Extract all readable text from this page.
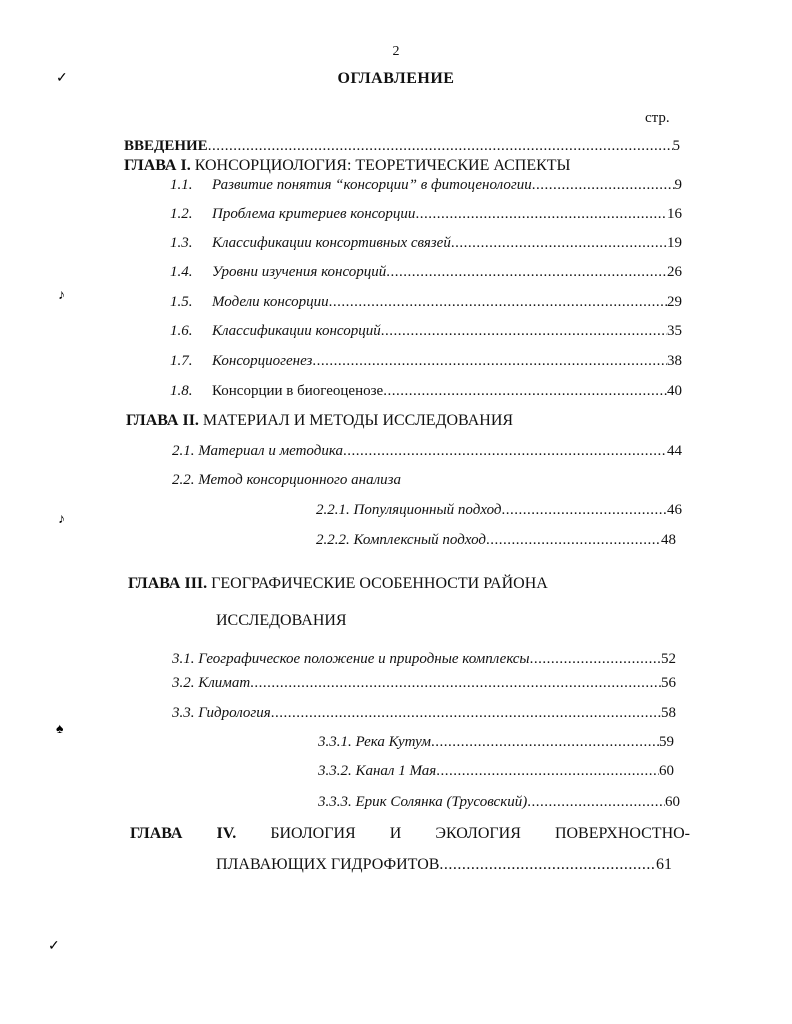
2
ОГЛАВЛЕНИЕ
стр.
ВВЕДЕНИЕ .....	5
ГЛАВА I. КОНСОРЦИОЛОГИЯ: ТЕОРЕТИЧЕСКИЕ АСПЕКТЫ
1.1.	Развитие понятия “консорции” в фитоценологии .....	9
1.2.	Проблема критериев консорции .....	16
1.3.	Классификации консортивных связей .....	19
1.4.	Уровни изучения консорций .....	26
1.5.	Модели консорции .....	29
1.6.	Классификации консорций .....	35
1.7.	Консорциогенез .....	38
1.8.	Консорции в биогеоценозе .....	40
ГЛАВА II. МАТЕРИАЛ И МЕТОДЫ ИССЛЕДОВАНИЯ
2.1. Материал и методика .....	44
2.2. Метод консорционного анализа
2.2.1. Популяционный подход .....	46
2.2.2. Комплексный подход .....	48
ГЛАВА III. ГЕОГРАФИЧЕСКИЕ ОСОБЕННОСТИ РАЙОНА
ИССЛЕДОВАНИЯ
3.1. Географическое положение и природные комплексы .....	52
3.2. Климат .....	56
3.3. Гидрология .....	58
3.3.1. Река Кутум .....	59
3.3.2. Канал 1 Мая .....	60
3.3.3. Ерик Солянка (Трусовский) .....	60
ГЛАВА IV. БИОЛОГИЯ И ЭКОЛОГИЯ ПОВЕРХНОСТНО-
ПЛАВАЮЩИХ ГИДРОФИТОВ .....	61
✓
♪
♪
♠
✓
